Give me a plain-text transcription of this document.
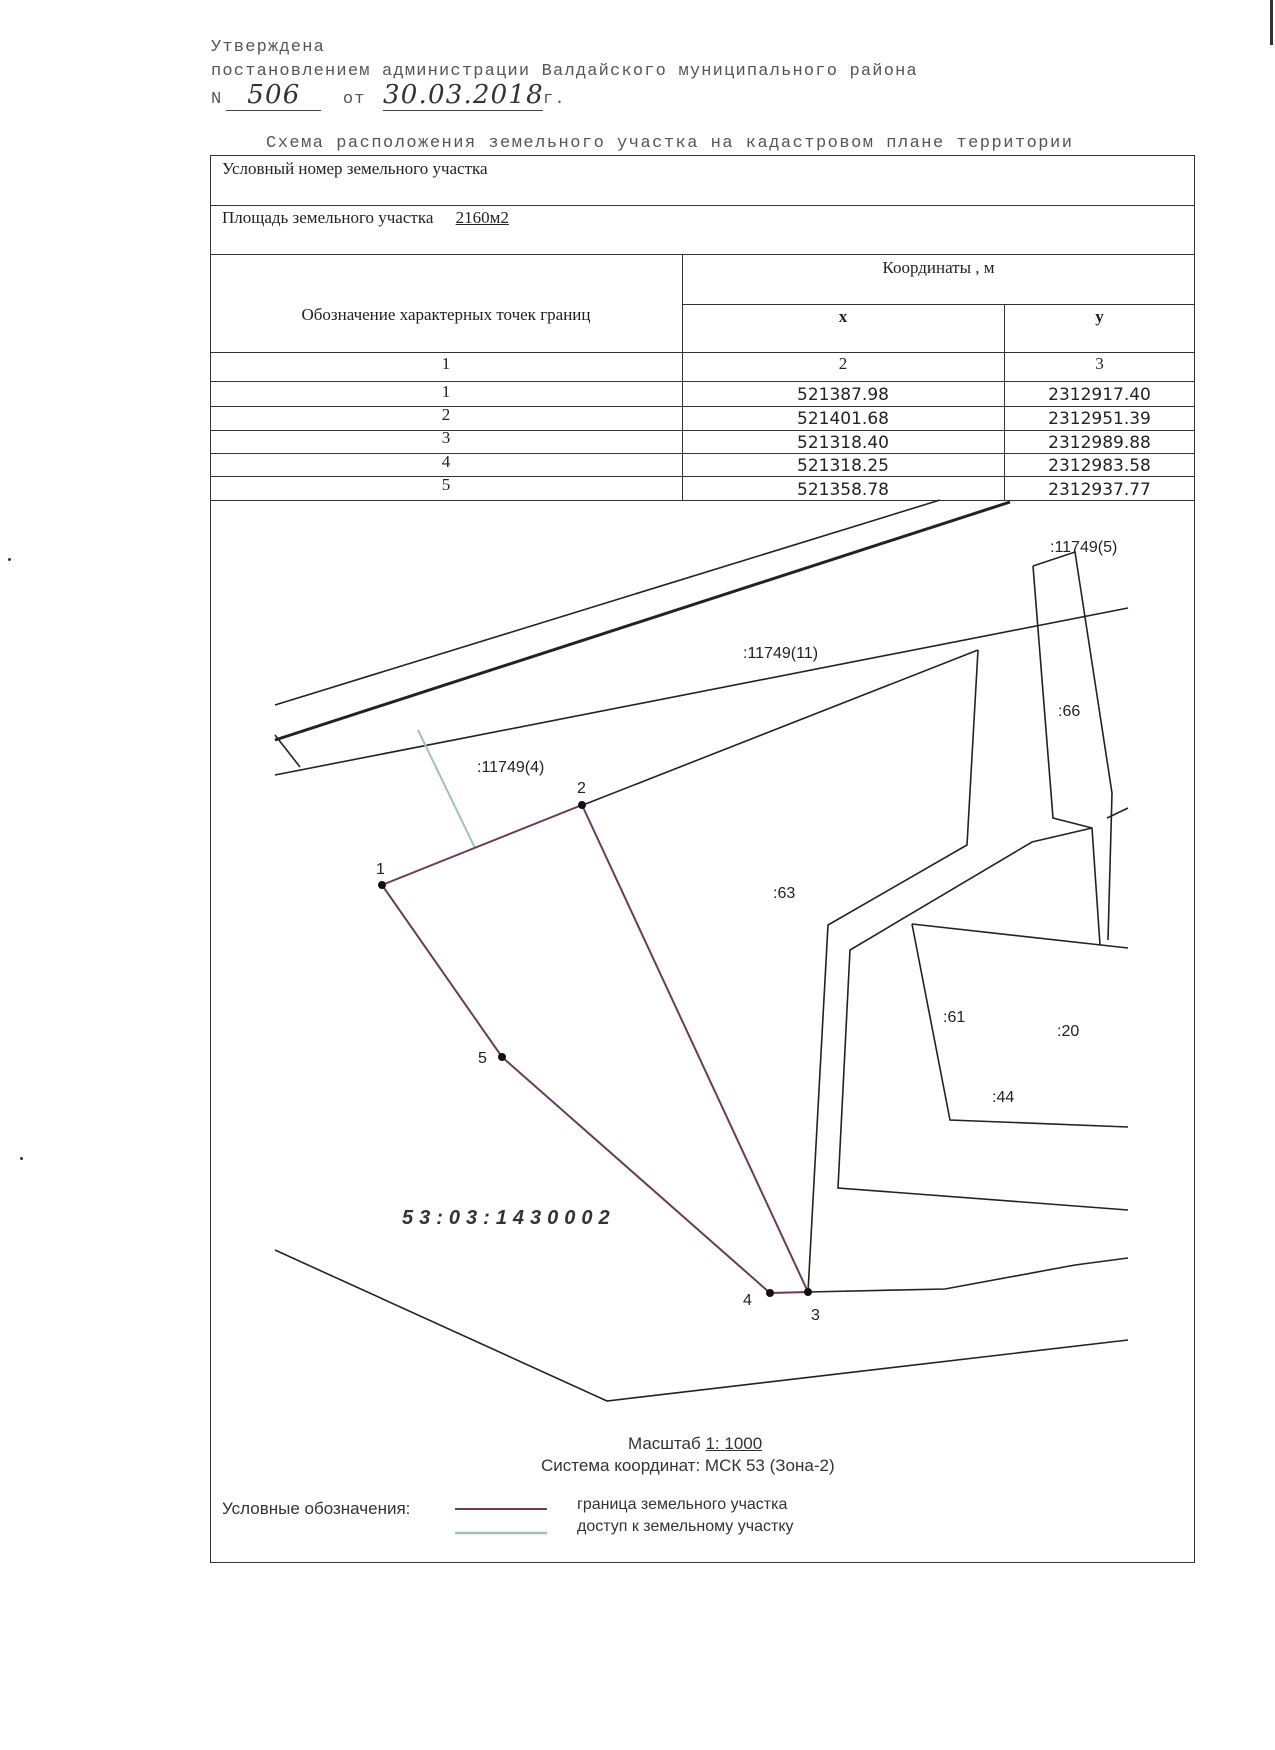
Утверждена
постановлением администрации Валдайского муниципального района
N 506 от 30.03.2018г.
Схема расположения земельного участка на кадастровом плане территории
Условный номер земельного участка
Площадь земельного участка 2160м2
Обозначение характерных точек границ
Координаты , м
x	y
1	2	3
1	521387.98	2312917.40
2	521401.68	2312951.39
3	521318.40	2312989.88
4	521318.25	2312983.58
5	521358.78	2312937.77
1
2
3
4
5
:11749(5)
:11749(11)
:66
:11749(4)
:63
:61
:20
:44
53:03:1430002
Масштаб 1: 1000
Система координат: МСК 53 (Зона-2)
Условные обозначения:	граница земельного участка
доступ к земельному участку
